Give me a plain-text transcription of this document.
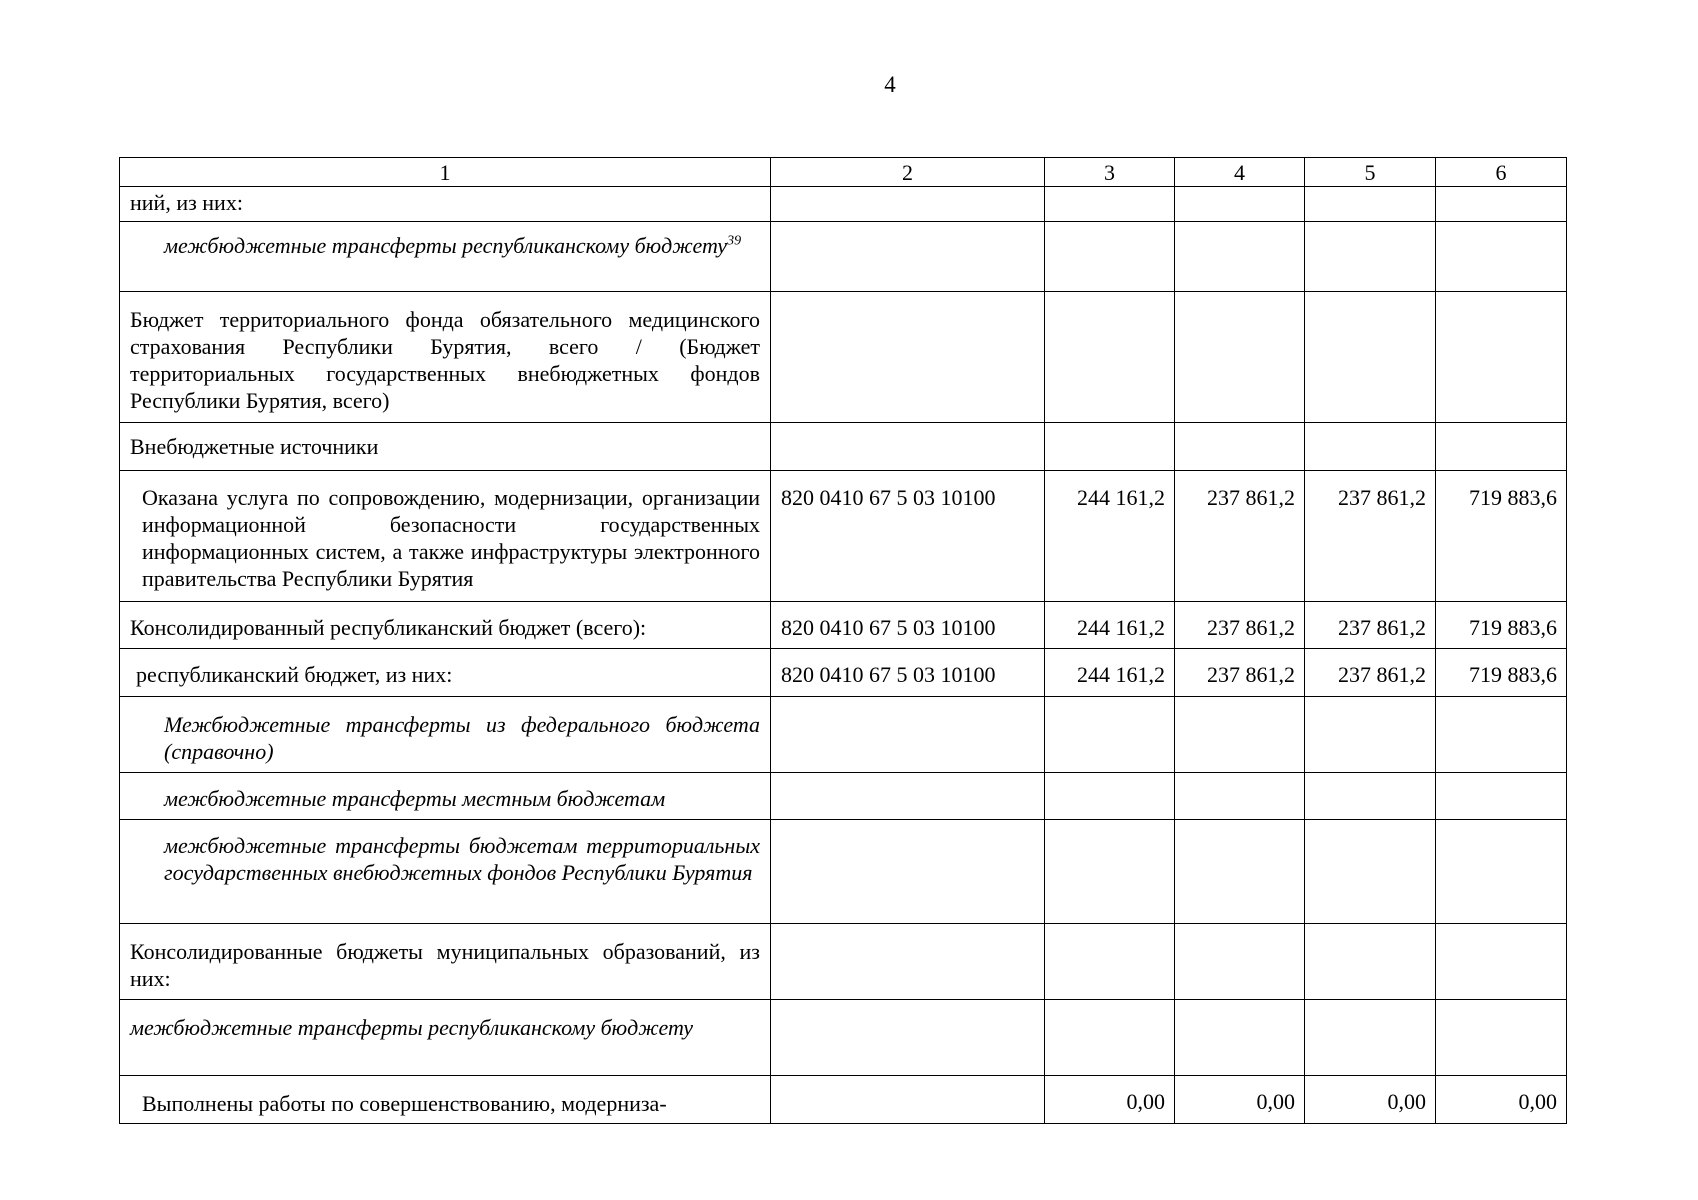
4
1	2	3	4	5	6

ний, из них:					

межбюджетные трансферты республиканскому бюджету$^{39}$

Бюджет территориального фонда обязательного медицинского страхования Республики Бурятия, всего / (Бюджет территориальных государственных внебюджетных фондов Республики Бурятия, всего)					

Внебюджетные источники					

Оказана услуга по сопровождению, модернизации, организации информационной безопасности государственных информационных систем, а также инфраструктуры электронного правительства Республики Бурятия	820 0410 67 5 03 10100	244 161,2	237 861,2	237 861,2	719 883,6

Консолидированный республиканский бюджет (всего):	820 0410 67 5 03 10100	244 161,2	237 861,2	237 861,2	719 883,6

республиканский бюджет, из них:	820 0410 67 5 03 10100	244 161,2	237 861,2	237 861,2	719 883,6

Межбюджетные трансферты из федерального бюджета (справочно)					

межбюджетные трансферты местным бюджетам					

межбюджетные трансферты бюджетам территориальных государственных внебюджетных фондов Республики Бурятия					

Консолидированные бюджеты муниципальных образований, из них:					

межбюджетные трансферты республиканскому бюджету					

Выполнены работы по совершенствованию, модерниза-		0,00	0,00	0,00	0,00
